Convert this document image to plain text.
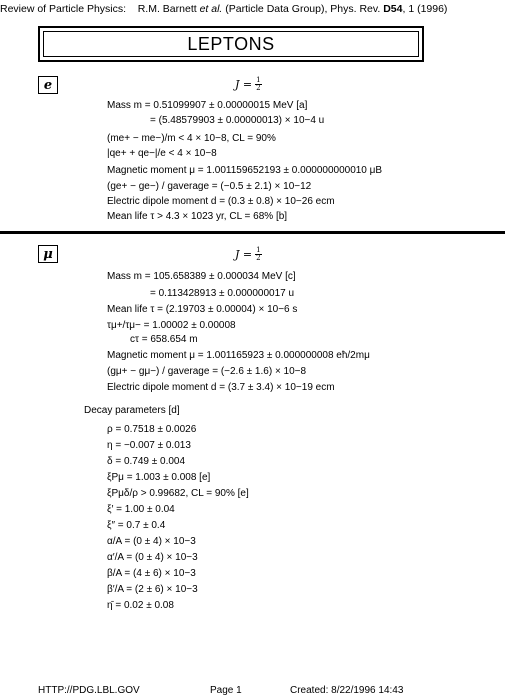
Review of Particle Physics: R.M. Barnett et al. (Particle Data Group), Phys. Rev. D54, 1 (1996)
LEPTONS
e	$J = \frac{1}{2}$
Mass m = 0.51099907 ± 0.00000015 MeV [a]
= (5.48579903 ± 0.00000013) × 10−4 u
(me+ − me−)/m < 4 × 10−8, CL = 90%
|qe+ + qe−|/e < 4 × 10−8
Magnetic moment μ = 1.001159652193 ± 0.000000000010 μB
(ge+ − ge−) / gaverage = (−0.5 ± 2.1) × 10−12
Electric dipole moment d = (0.3 ± 0.8) × 10−26 ecm
Mean life τ > 4.3 × 1023 yr, CL = 68% [b]
μ	$J = \frac{1}{2}$
Mass m = 105.658389 ± 0.000034 MeV [c]
= 0.113428913 ± 0.000000017 u
Mean life τ = (2.19703 ± 0.00004) × 10−6 s
τμ+/τμ− = 1.00002 ± 0.00008
cτ = 658.654 m
Magnetic moment μ = 1.001165923 ± 0.000000008 eħ/2mμ
(gμ+ − gμ−) / gaverage = (−2.6 ± 1.6) × 10−8
Electric dipole moment d = (3.7 ± 3.4) × 10−19 ecm
Decay parameters [d]
ρ = 0.7518 ± 0.0026
η = −0.007 ± 0.013
δ = 0.749 ± 0.004
ξPμ = 1.003 ± 0.008 [e]
ξPμδ/ρ > 0.99682, CL = 90% [e]
ξ′ = 1.00 ± 0.04
ξ″ = 0.7 ± 0.4
α/A = (0 ± 4) × 10−3
α′/A = (0 ± 4) × 10−3
β/A = (4 ± 6) × 10−3
β′/A = (2 ± 6) × 10−3
η̄ = 0.02 ± 0.08
HTTP://PDG.LBL.GOV	Page 1	Created: 8/22/1996 14:43
